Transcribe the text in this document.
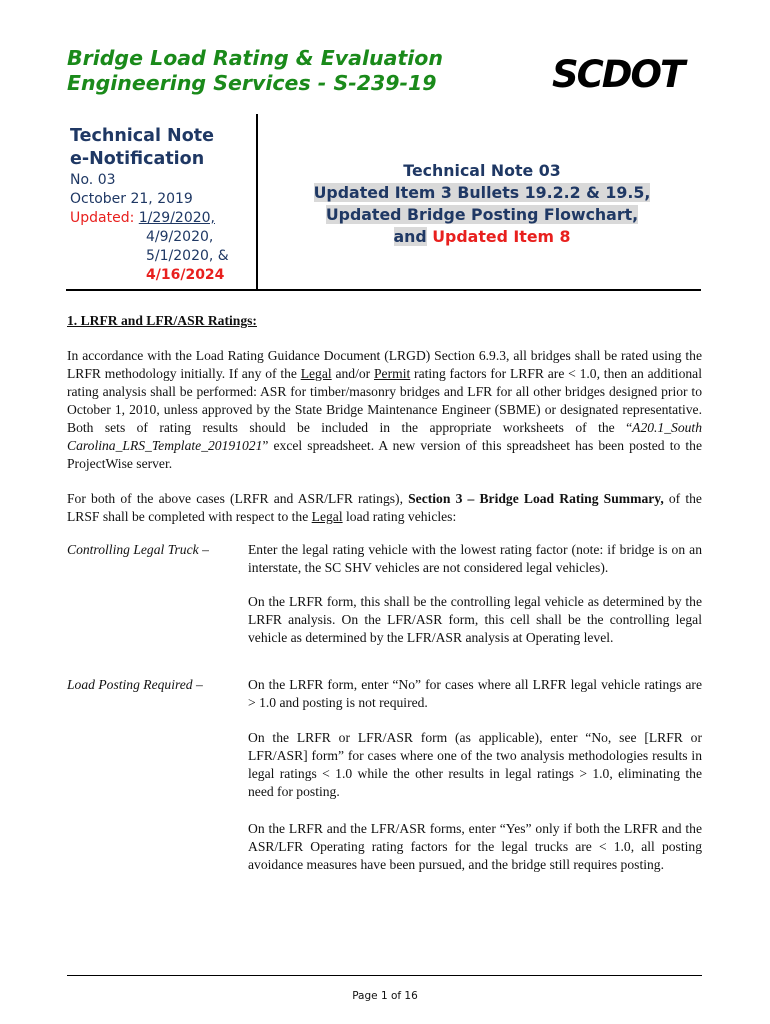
Bridge Load Rating & Evaluation
Engineering Services - S-239-19	SCDOT
Technical Note
e-Notification
No. 03
October 21, 2019
Updated: 1/29/2020,
4/9/2020,
5/1/2020, &
4/16/2024
Technical Note 03
Updated Item 3 Bullets 19.2.2 & 19.5,
Updated Bridge Posting Flowchart,
and Updated Item 8
1. LRFR and LFR/ASR Ratings:
In accordance with the Load Rating Guidance Document (LRGD) Section 6.9.3, all bridges shall be rated using the LRFR methodology initially. If any of the Legal and/or Permit rating factors for LRFR are < 1.0, then an additional rating analysis shall be performed: ASR for timber/masonry bridges and LFR for all other bridges designed prior to October 1, 2010, unless approved by the State Bridge Maintenance Engineer (SBME) or designated representative. Both sets of rating results should be included in the appropriate worksheets of the “A20.1_South Carolina_LRS_Template_20191021” excel spreadsheet. A new version of this spreadsheet has been posted to the ProjectWise server.
For both of the above cases (LRFR and ASR/LFR ratings), Section 3 – Bridge Load Rating Summary, of the LRSF shall be completed with respect to the Legal load rating vehicles:
Controlling Legal Truck –	Enter the legal rating vehicle with the lowest rating factor (note: if bridge is on an interstate, the SC SHV vehicles are not considered legal vehicles).
On the LRFR form, this shall be the controlling legal vehicle as determined by the LRFR analysis. On the LFR/ASR form, this cell shall be the controlling legal vehicle as determined by the LFR/ASR analysis at Operating level.
Load Posting Required –	On the LRFR form, enter “No” for cases where all LRFR legal vehicle ratings are > 1.0 and posting is not required.
On the LRFR or LFR/ASR form (as applicable), enter “No, see [LRFR or LFR/ASR] form” for cases where one of the two analysis methodologies results in legal ratings < 1.0 while the other results in legal ratings > 1.0, eliminating the need for posting.
On the LRFR and the LFR/ASR forms, enter “Yes” only if both the LRFR and the ASR/LFR Operating rating factors for the legal trucks are < 1.0, all posting avoidance measures have been pursued, and the bridge still requires posting.
Page 1 of 16
